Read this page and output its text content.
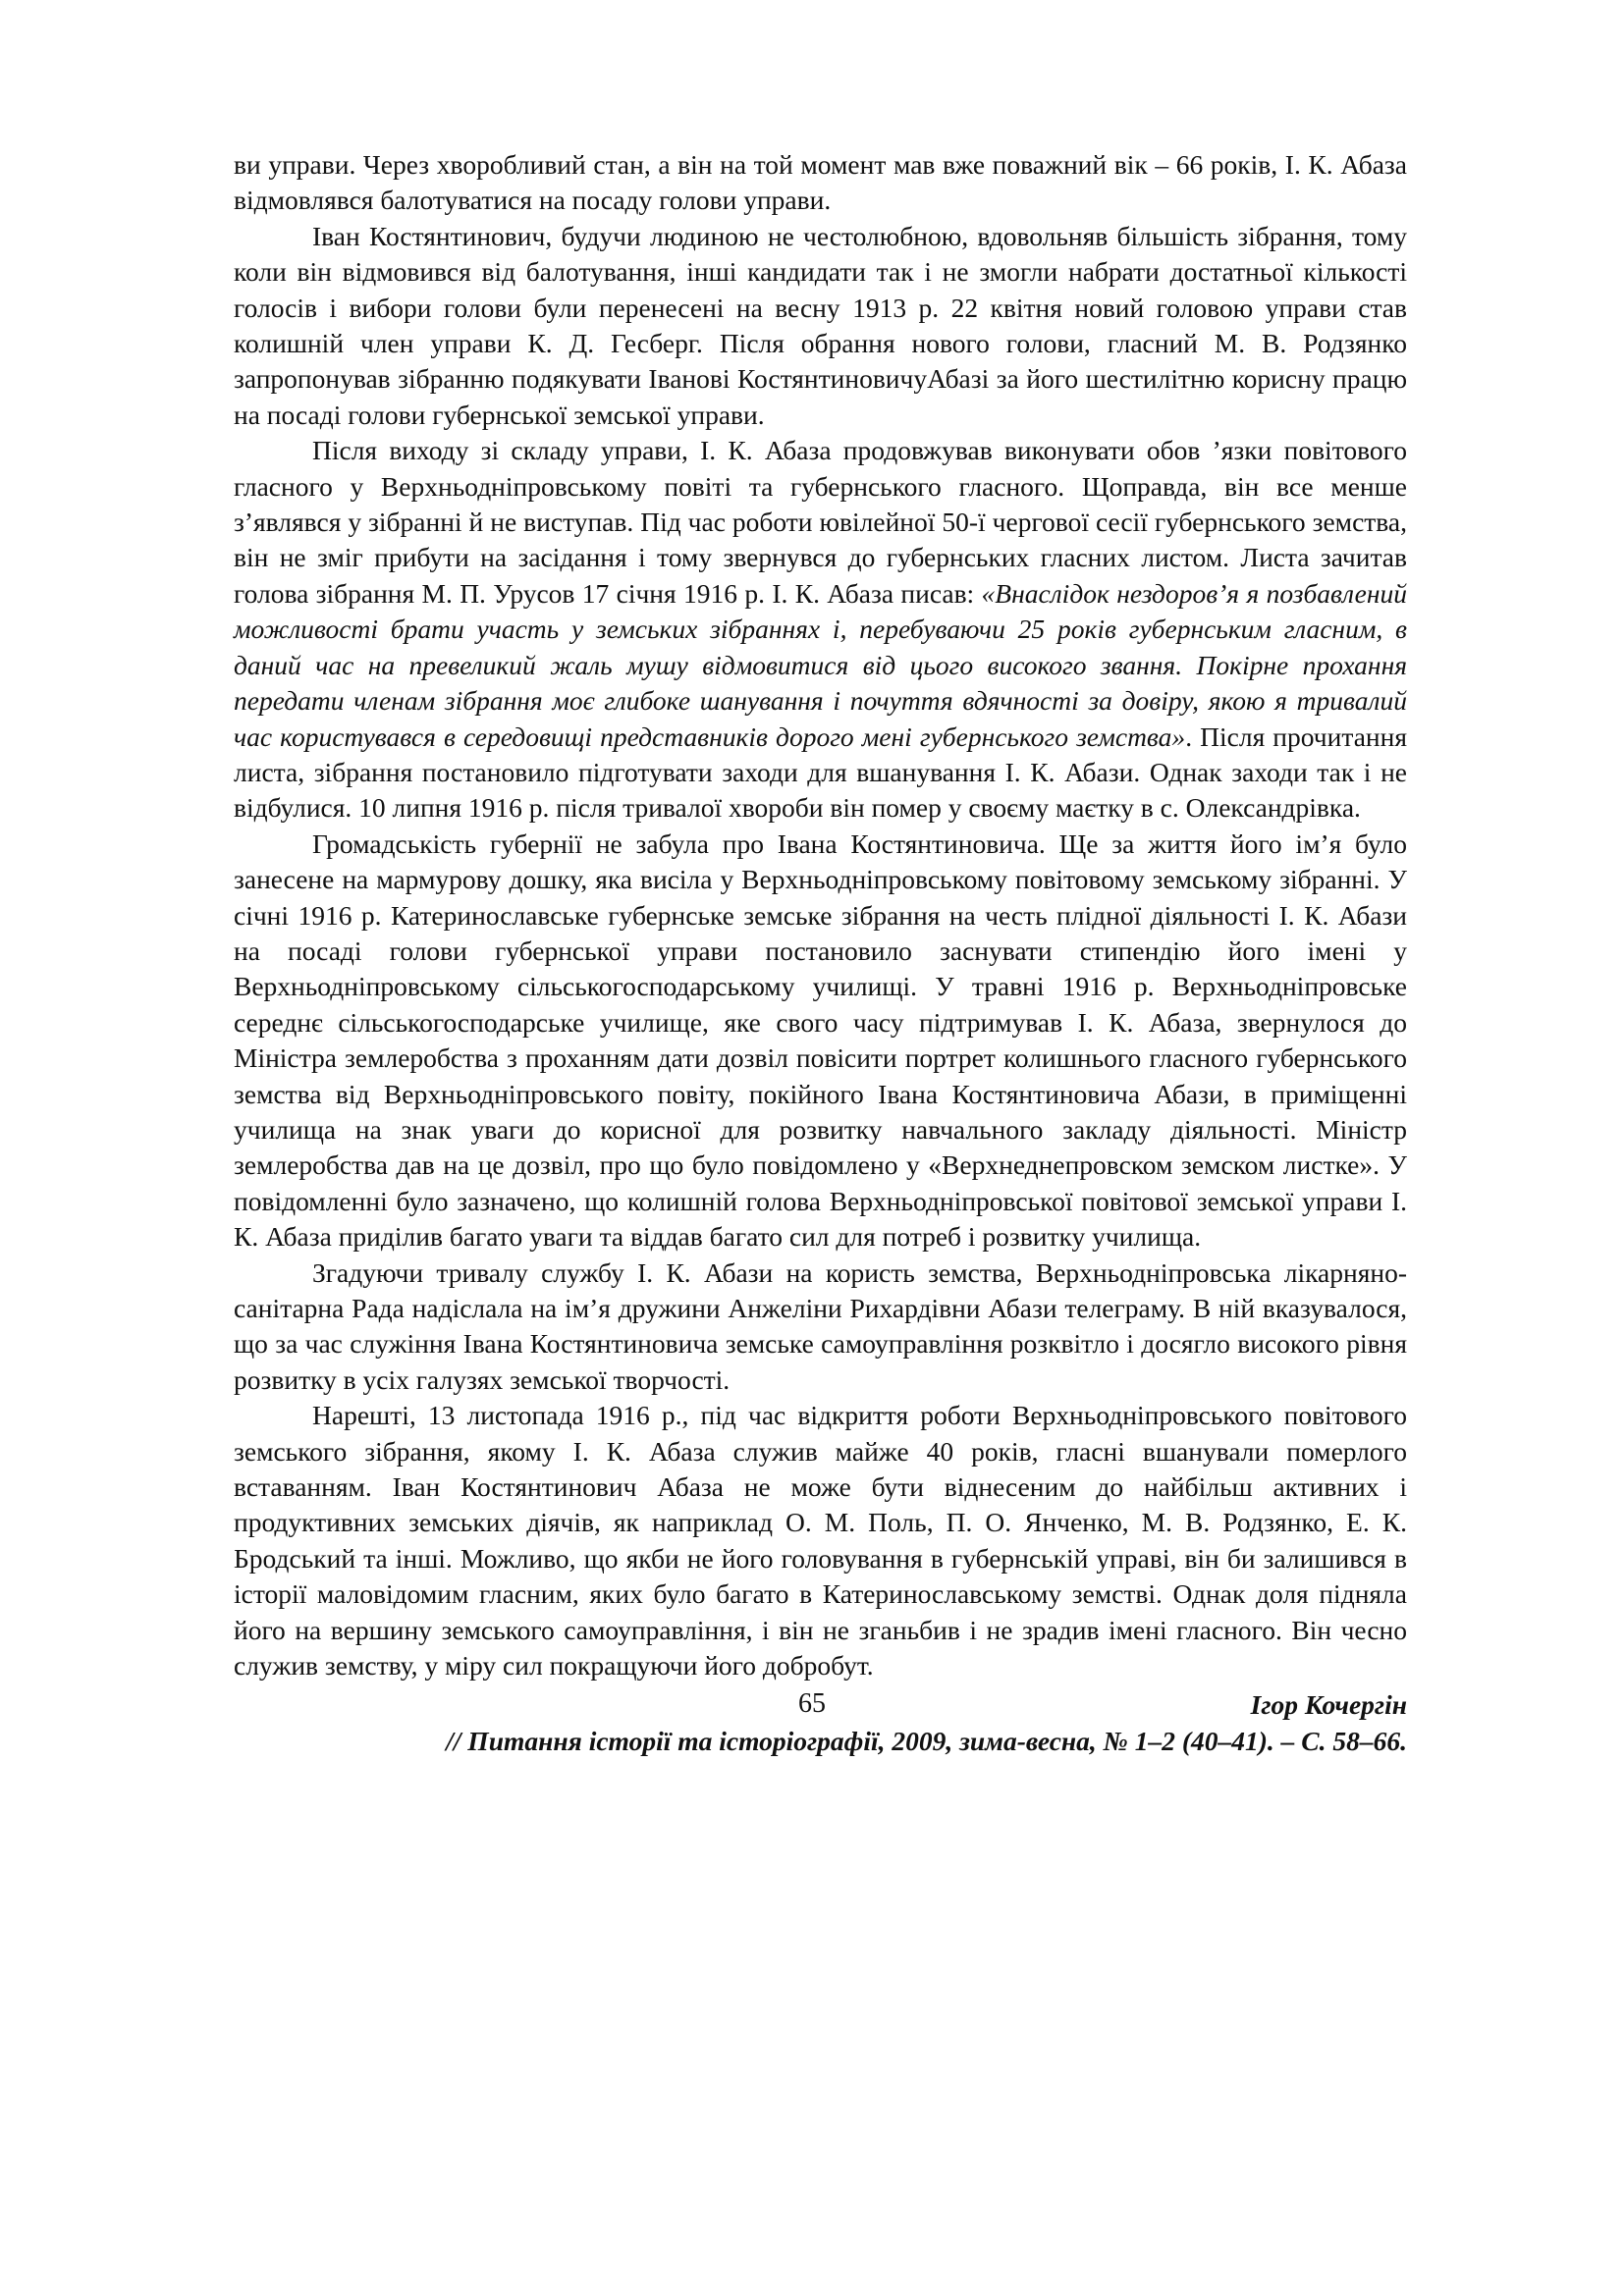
ви управи. Через хворобливий стан, а він на той момент мав вже поважний вік – 66 років, І. К. Абаза відмовлявся балотуватися на посаду голови управи.

Іван Костянтинович, будучи людиною не честолюбною, вдовольняв більшість зібрання, тому коли він відмовився від балотування, інші кандидати так і не змогли набрати достатньої кількості голосів і вибори голови були перенесені на весну 1913 р. 22 квітня новий головою управи став колишній член управи К. Д. Гесберг. Після обрання нового голови, гласний М. В. Родзянко запропонував зібранню подякувати Іванові КостянтиновичуАбазі за його шестилітню корисну працю на посаді голови губернської земської управи.

Після виходу зі складу управи, І. К. Абаза продовжував виконувати обов ’язки повітового гласного у Верхньодніпровському повіті та губернського гласного. Щоправда, він все менше з’являвся у зібранні й не виступав. Під час роботи ювілейної 50-ї чергової сесії губернського земства, він не зміг прибути на засідання і тому звернувся до губернських гласних листом. Листа зачитав голова зібрання М. П. Урусов 17 січня 1916 р. І. К. Абаза писав: «Внаслідок нездоров’я я позбавлений можливості брати участь у земських зібраннях і, перебуваючи 25 років губернським гласним, в даний час на превеликий жаль мушу відмовитися від цього високого звання. Покірне прохання передати членам зібрання моє глибоке шанування і почуття вдячності за довіру, якою я тривалий час користувався в середовищі представників дорого мені губернського земства». Після прочитання листа, зібрання постановило підготувати заходи для вшанування І. К. Абази. Однак заходи так і не відбулися. 10 липня 1916 р. після тривалої хвороби він помер у своєму маєтку в с. Олександрівка.

Громадськість губернії не забула про Івана Костянтиновича. Ще за життя його ім’я було занесене на мармурову дошку, яка висіла у Верхньодніпровському повітовому земському зібранні. У січні 1916 р. Катеринославське губернське земське зібрання на честь плідної діяльності І. К. Абази на посаді голови губернської управи постановило заснувати стипендію його імені у Верхньодніпровському сільськогосподарському училищі. У травні 1916 р. Верхньодніпровське середнє сільськогосподарське училище, яке свого часу підтримував І. К. Абаза, звернулося до Міністра землеробства з проханням дати дозвіл повісити портрет колишнього гласного губернського земства від Верхньодніпровського повіту, покійного Івана Костянтиновича Абази, в приміщенні училища на знак уваги до корисної для розвитку навчального закладу діяльності. Міністр землеробства дав на це дозвіл, про що було повідомлено у «Верхнеднепровском земском листке». У повідомленні було зазначено, що колишній голова Верхньодніпровської повітової земської управи І. К. Абаза приділив багато уваги та віддав багато сил для потреб і розвитку училища.

Згадуючи тривалу службу І. К. Абази на користь земства, Верхньодніпровська лікарняно-санітарна Рада надіслала на ім’я дружини Анжеліни Рихардівни Абази телеграму. В ній вказувалося, що за час служіння Івана Костянтиновича земське самоуправління розквітло і досягло високого рівня розвитку в усіх галузях земської творчості.

Нарешті, 13 листопада 1916 р., під час відкриття роботи Верхньодніпровського повітового земського зібрання, якому І. К. Абаза служив майже 40 років, гласні вшанували померлого вставанням. Іван Костянтинович Абаза не може бути віднесеним до найбільш активних і продуктивних земських діячів, як наприклад О. М. Поль, П. О. Янченко, М. В. Родзянко, Е. К. Бродський та інші. Можливо, що якби не його головування в губернській управі, він би залишився в історії маловідомим гласним, яких було багато в Катеринославському земстві. Однак доля підняла його на вершину земського самоуправління, і він не зганьбив і не зрадив імені гласного. Він чесно служив земству, у міру сил покращуючи його добробут.

Ігор Кочергін

// Питання історії та історіографії, 2009, зима-весна, № 1–2 (40–41). – С. 58–66.

65
